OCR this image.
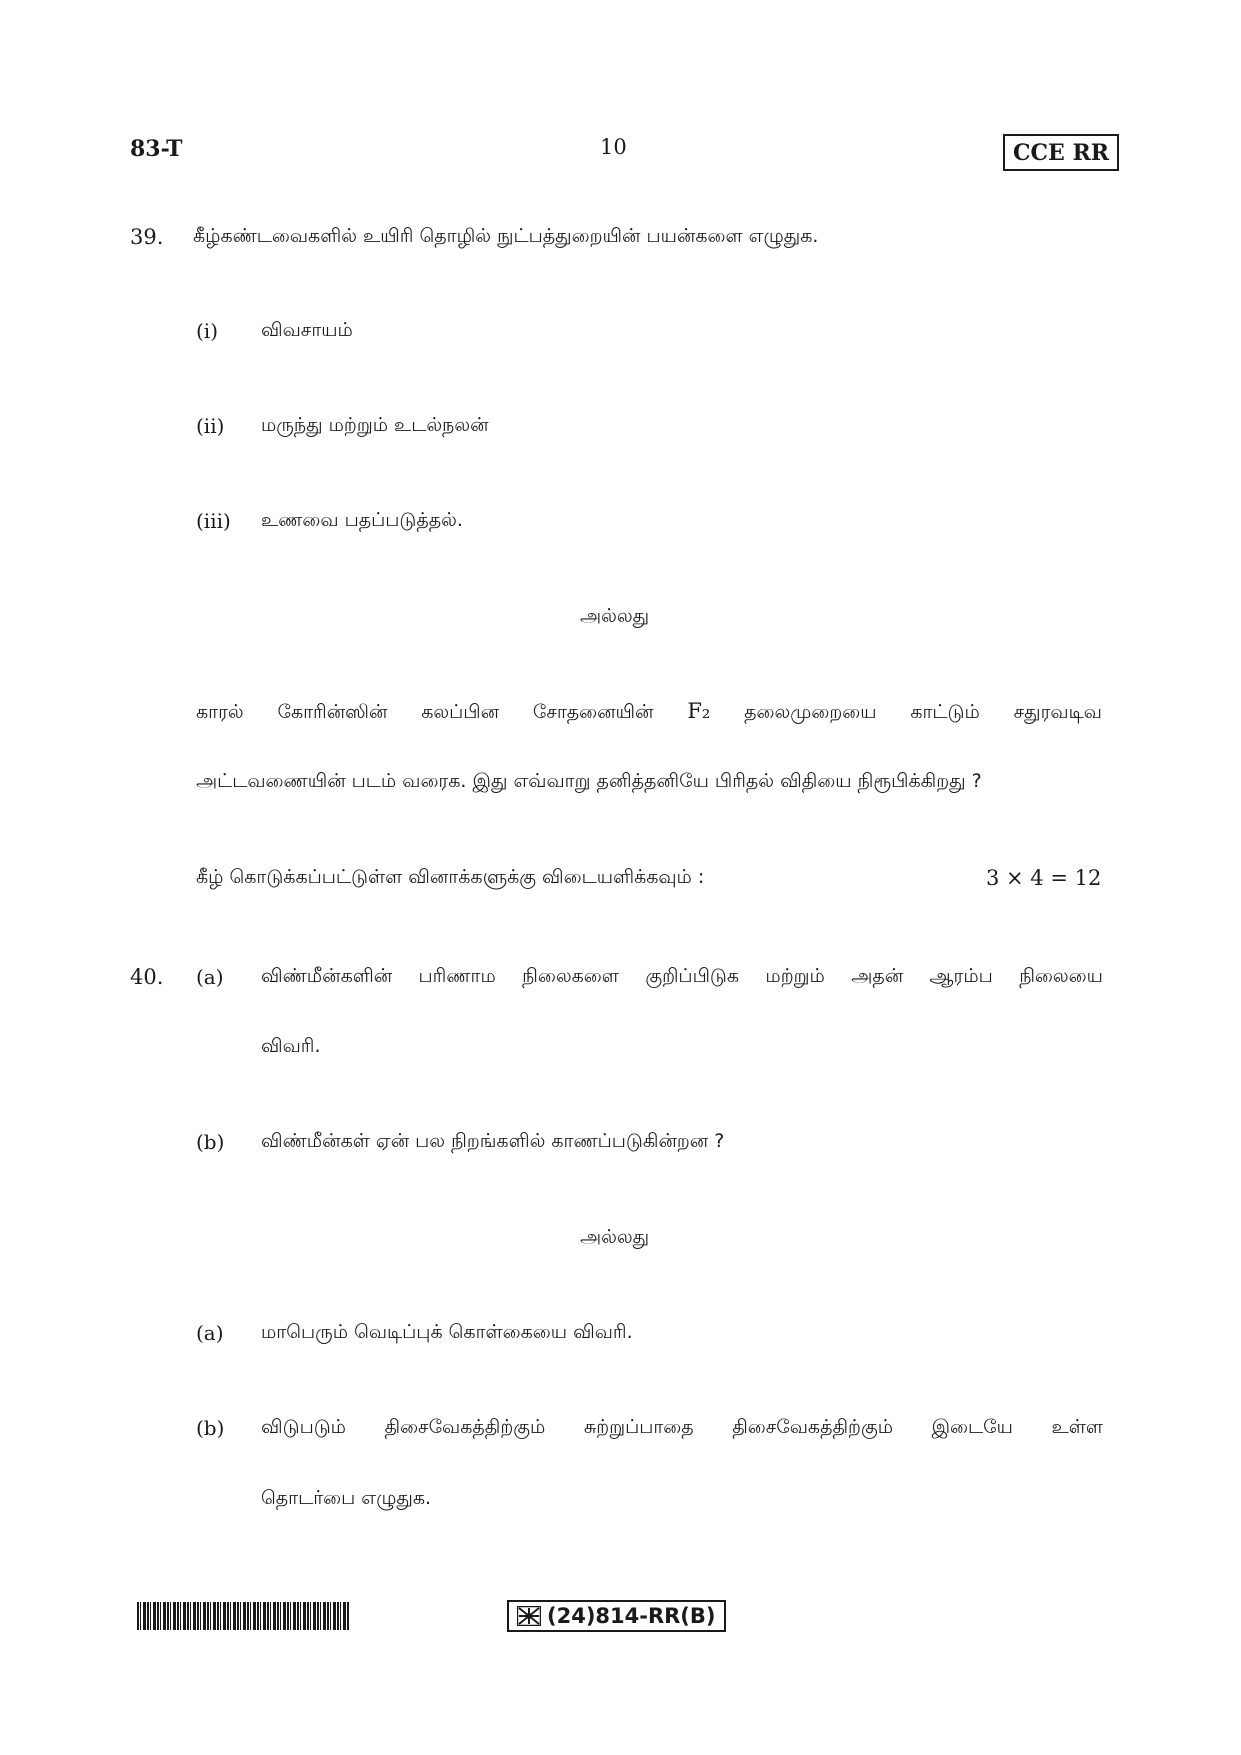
83-T	10	CCE RR
39. கீழ்கண்டவைகளில் உயிரி தொழில் நுட்பத்துறையின் பயன்களை எழுதுக.
(i) விவசாயம்
(ii) மருந்து மற்றும் உடல்நலன்
(iii) உணவை பதப்படுத்தல்.
அல்லது
காரல் கோரின்ஸின் கலப்பின சோதனையின் F₂ தலைமுறையை காட்டும் சதுரவடிவ
அட்டவணையின் படம் வரைக. இது எவ்வாறு தனித்தனியே பிரிதல் விதியை நிரூபிக்கிறது ?
கீழ் கொடுக்கப்பட்டுள்ள வினாக்களுக்கு விடையளிக்கவும் :	3 × 4 = 12
40. (a) விண்மீன்களின் பரிணாம நிலைகளை குறிப்பிடுக மற்றும் அதன் ஆரம்ப நிலையை
விவரி.
(b) விண்மீன்கள் ஏன் பல நிறங்களில் காணப்படுகின்றன ?
அல்லது
(a) மாபெரும் வெடிப்புக் கொள்கையை விவரி.
(b) விடுபடும் திசைவேகத்திற்கும் சுற்றுப்பாதை திசைவேகத்திற்கும் இடையே உள்ள
தொடர்பை எழுதுக.
(24)814-RR(B)
